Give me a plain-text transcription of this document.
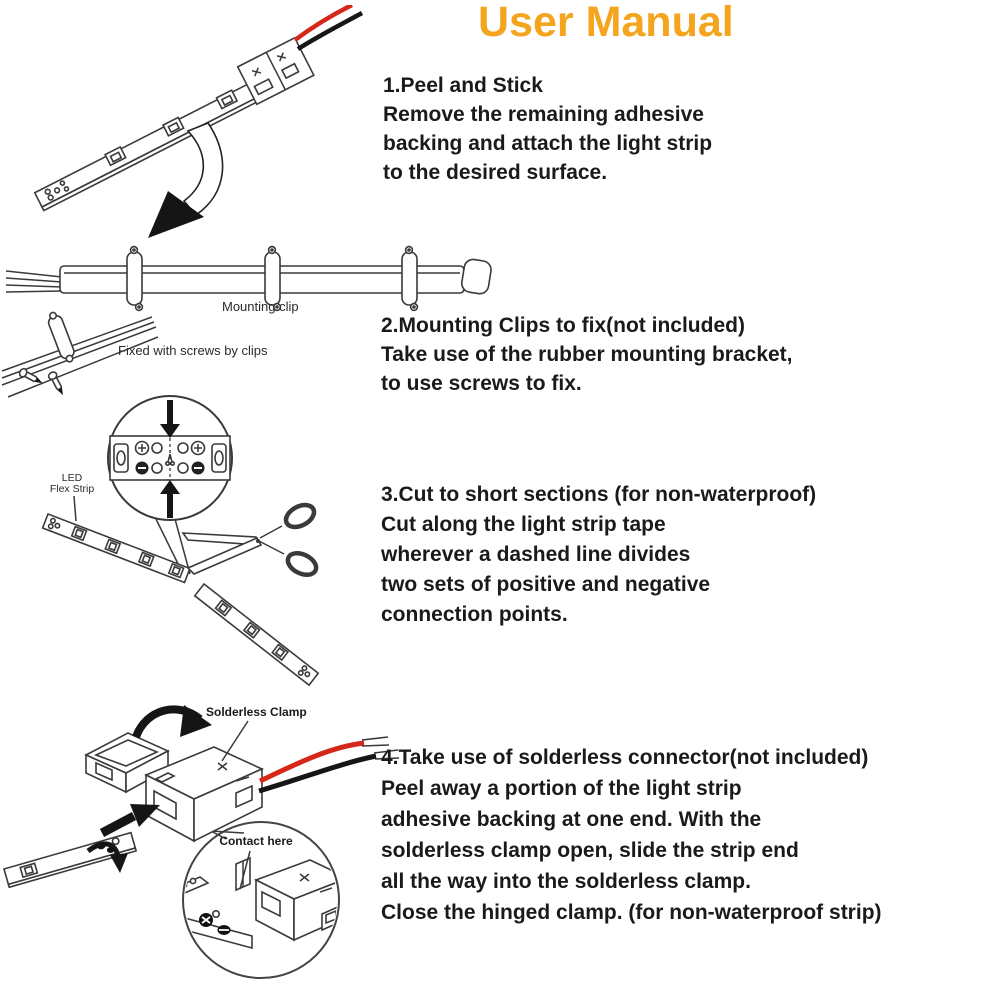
User Manual
1.Peel and Stick
Remove the remaining adhesive
backing and attach the light strip
to the desired surface.
Mounting clip
Fixed with screws by clips
2.Mounting Clips to fix(not included)
Take use of the rubber mounting bracket,
to use screws to fix.
LED
Flex Strip	3.Cut to short sections (for non-waterproof)
Cut along the light strip tape
wherever a dashed line divides
two sets of positive and negative
connection points.
Contact here
Solderless Clamp
4.Take use of solderless connector(not included)
Peel away a portion of the light strip
adhesive backing at one end. With the
solderless clamp open, slide the strip end
all the way into the solderless clamp.
Close the hinged clamp. (for non-waterproof strip)
